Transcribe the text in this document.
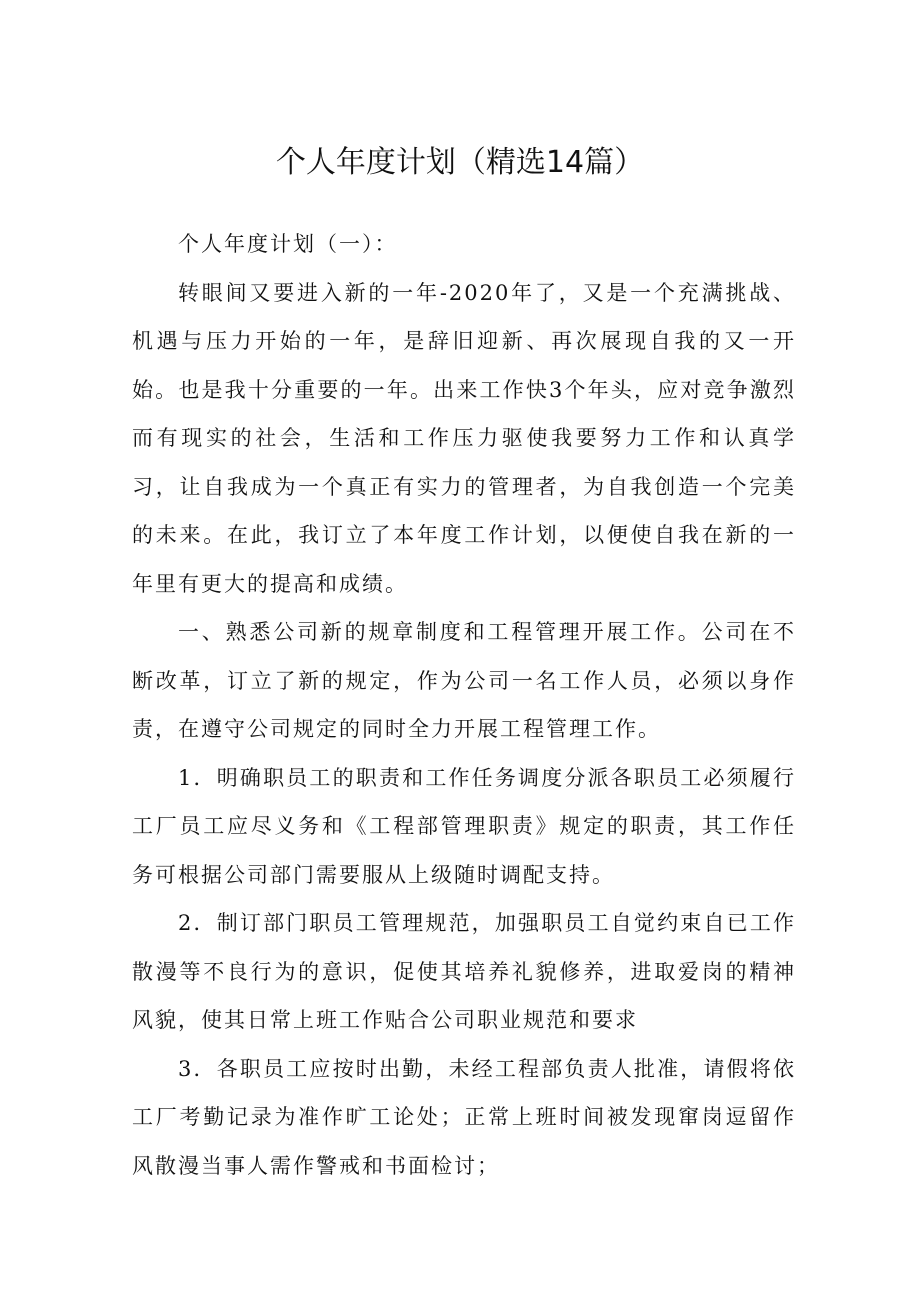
个人年度计划（精选14篇）

个人年度计划（一）：

转眼间又要进入新的一年-2020年了，又是一个充满挑战、机遇与压力开始的一年，是辞旧迎新、再次展现自我的又一开始。也是我十分重要的一年。出来工作快3个年头，应对竞争激烈而有现实的社会，生活和工作压力驱使我要努力工作和认真学习，让自我成为一个真正有实力的管理者，为自我创造一个完美的未来。在此，我订立了本年度工作计划，以便使自我在新的一年里有更大的提高和成绩。

一、熟悉公司新的规章制度和工程管理开展工作。公司在不断改革，订立了新的规定，作为公司一名工作人员，必须以身作责，在遵守公司规定的同时全力开展工程管理工作。

1．明确职员工的职责和工作任务调度分派各职员工必须履行工厂员工应尽义务和《工程部管理职责》规定的职责，其工作任务可根据公司部门需要服从上级随时调配支持。

2．制订部门职员工管理规范，加强职员工自觉约束自已工作散漫等不良行为的意识，促使其培养礼貌修养，进取爱岗的精神风貌，使其日常上班工作贴合公司职业规范和要求

3．各职员工应按时出勤，未经工程部负责人批准，请假将依工厂考勤记录为准作旷工论处；正常上班时间被发现窜岗逗留作风散漫当事人需作警戒和书面检讨；
